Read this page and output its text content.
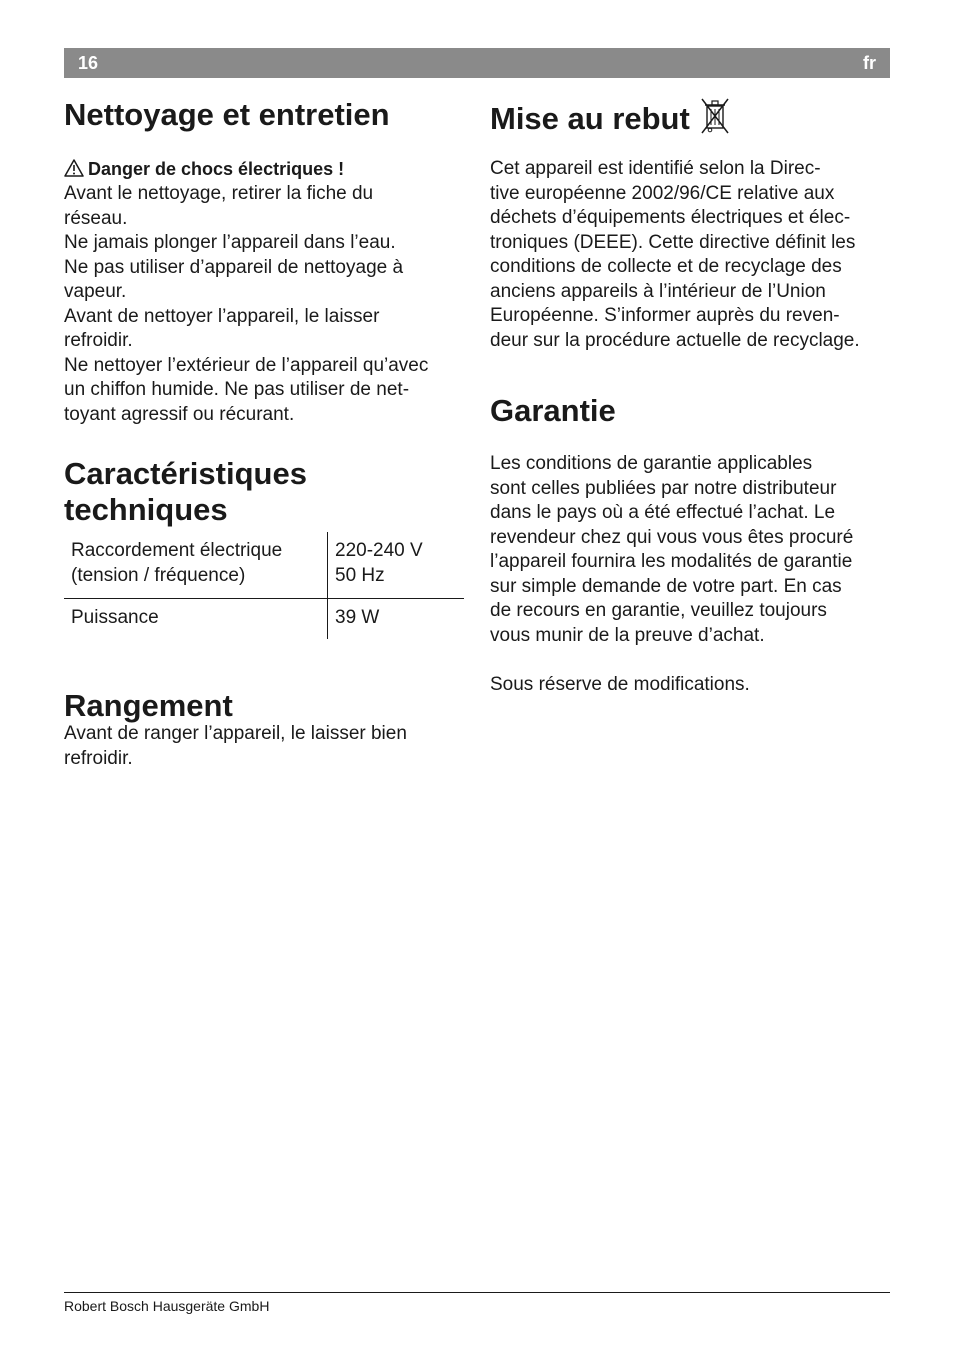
16	fr
Nettoyage et entretien
Danger de chocs électriques !

Avant le nettoyage, retirer la fiche du
réseau.
Ne jamais plonger l’appareil dans l’eau.
Ne pas utiliser d’appareil de nettoyage à
vapeur.
Avant de nettoyer l’appareil, le laisser
refroidir.
Ne nettoyer l’extérieur de l’appareil qu’avec
un chiffon humide. Ne pas utiliser de net-
toyant agressif ou récurant.

Caractéristiques
techniques
Raccordement électrique
(tension / fréquence)
220-240 V
50 Hz
Puissance	39 W
Rangement

Avant de ranger l’appareil, le laisser bien
refroidir.

Mise au rebut

Cet appareil est identifié selon la Direc-
tive européenne 2002/96/CE relative aux
déchets d’équipements électriques et élec-
troniques (DEEE). Cette directive définit les
conditions de collecte et de recyclage des
anciens appareils à l’intérieur de l’Union
Européenne. S’informer auprès du reven-
deur sur la procédure actuelle de recyclage.

Garantie

Les conditions de garantie applicables
sont celles publiées par notre distributeur
dans le pays où a été effectué l’achat. Le
revendeur chez qui vous vous êtes procuré
l’appareil fournira les modalités de garantie
sur simple demande de votre part. En cas
de recours en garantie, veuillez toujours
vous munir de la preuve d’achat.

Sous réserve de modifications.

Robert Bosch Hausgeräte GmbH
